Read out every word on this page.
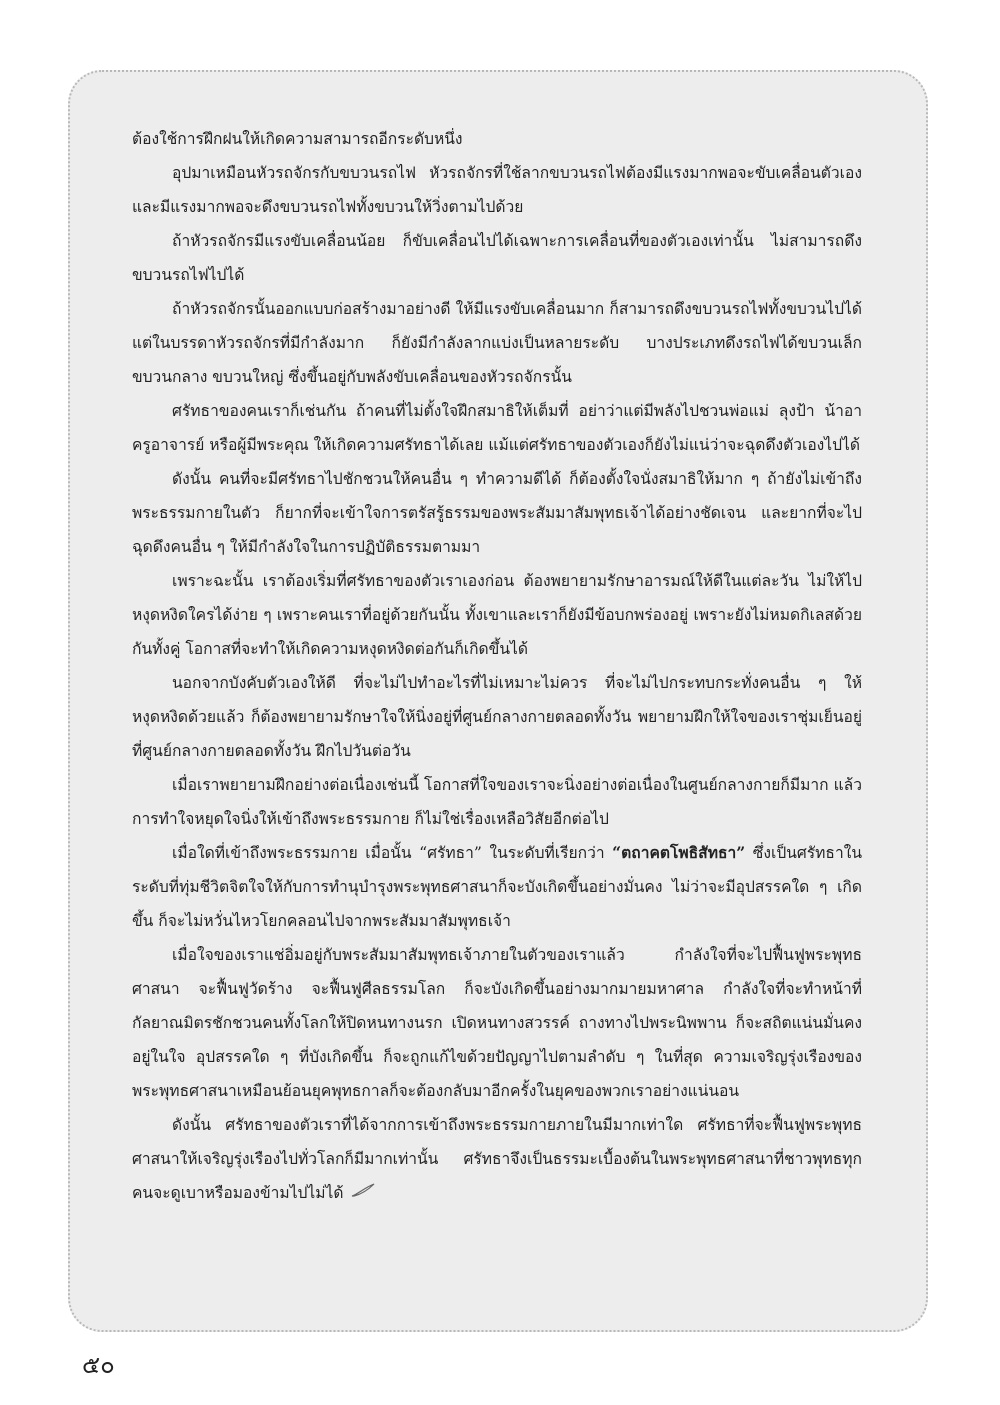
ต้องใช้การฝึกฝนให้เกิดความสามารถอีกระดับหนึ่ง

อุปมาเหมือนหัวรถจักรกับขบวนรถไฟ หัวรถจักรที่ใช้ลากขบวนรถไฟต้องมีแรงมากพอจะขับเคลื่อนตัวเอง และมีแรงมากพอจะดึงขบวนรถไฟทั้งขบวนให้วิ่งตามไปด้วย

ถ้าหัวรถจักรมีแรงขับเคลื่อนน้อย ก็ขับเคลื่อนไปได้เฉพาะการเคลื่อนที่ของตัวเองเท่านั้น ไม่สามารถดึงขบวนรถไฟไปได้

ถ้าหัวรถจักรนั้นออกแบบก่อสร้างมาอย่างดี ให้มีแรงขับเคลื่อนมาก ก็สามารถดึงขบวนรถไฟทั้งขบวนไปได้ แต่ในบรรดาหัวรถจักรที่มีกำลังมาก ก็ยังมีกำลังลากแบ่งเป็นหลายระดับ บางประเภทดึงรถไฟได้ขบวนเล็ก ขบวนกลาง ขบวนใหญ่ ซึ่งขึ้นอยู่กับพลังขับเคลื่อนของหัวรถจักรนั้น

ศรัทธาของคนเราก็เช่นกัน ถ้าคนที่ไม่ตั้งใจฝึกสมาธิให้เต็มที่ อย่าว่าแต่มีพลังไปชวนพ่อแม่ ลุงป้า น้าอา ครูอาจารย์ หรือผู้มีพระคุณ ให้เกิดความศรัทธาได้เลย แม้แต่ศรัทธาของตัวเองก็ยังไม่แน่ว่าจะฉุดดึงตัวเองไปได้

ดังนั้น คนที่จะมีศรัทธาไปชักชวนให้คนอื่น ๆ ทำความดีได้ ก็ต้องตั้งใจนั่งสมาธิให้มาก ๆ ถ้ายังไม่เข้าถึงพระธรรมกายในตัว ก็ยากที่จะเข้าใจการตรัสรู้ธรรมของพระสัมมาสัมพุทธเจ้าได้อย่างชัดเจน และยากที่จะไปฉุดดึงคนอื่น ๆ ให้มีกำลังใจในการปฏิบัติธรรมตามมา

เพราะฉะนั้น เราต้องเริ่มที่ศรัทธาของตัวเราเองก่อน ต้องพยายามรักษาอารมณ์ให้ดีในแต่ละวัน ไม่ให้ไปหงุดหงิดใครได้ง่าย ๆ เพราะคนเราที่อยู่ด้วยกันนั้น ทั้งเขาและเราก็ยังมีข้อบกพร่องอยู่ เพราะยังไม่หมดกิเลสด้วยกันทั้งคู่ โอกาสที่จะทำให้เกิดความหงุดหงิดต่อกันก็เกิดขึ้นได้

นอกจากบังคับตัวเองให้ดี ที่จะไม่ไปทำอะไรที่ไม่เหมาะไม่ควร ที่จะไม่ไปกระทบกระทั่งคนอื่น ๆ ให้หงุดหงิดด้วยแล้ว ก็ต้องพยายามรักษาใจให้นิ่งอยู่ที่ศูนย์กลางกายตลอดทั้งวัน พยายามฝึกให้ใจของเราชุ่มเย็นอยู่ที่ศูนย์กลางกายตลอดทั้งวัน ฝึกไปวันต่อวัน

เมื่อเราพยายามฝึกอย่างต่อเนื่องเช่นนี้ โอกาสที่ใจของเราจะนิ่งอย่างต่อเนื่องในศูนย์กลางกายก็มีมาก แล้วการทำใจหยุดใจนิ่งให้เข้าถึงพระธรรมกาย ก็ไม่ใช่เรื่องเหลือวิสัยอีกต่อไป

เมื่อใดที่เข้าถึงพระธรรมกาย เมื่อนั้น “ศรัทธา” ในระดับที่เรียกว่า “ตถาคตโพธิสัทธา” ซึ่งเป็นศรัทธาในระดับที่ทุ่มชีวิตจิตใจให้กับการทำนุบำรุงพระพุทธศาสนาก็จะบังเกิดขึ้นอย่างมั่นคง ไม่ว่าจะมีอุปสรรคใด ๆ เกิดขึ้น ก็จะไม่หวั่นไหวโยกคลอนไปจากพระสัมมาสัมพุทธเจ้า

เมื่อใจของเราแช่อิ่มอยู่กับพระสัมมาสัมพุทธเจ้าภายในตัวของเราแล้ว กำลังใจที่จะไปฟื้นฟูพระพุทธศาสนา จะฟื้นฟูวัดร้าง จะฟื้นฟูศีลธรรมโลก ก็จะบังเกิดขึ้นอย่างมากมายมหาศาล กำลังใจที่จะทำหน้าที่กัลยาณมิตรชักชวนคนทั้งโลกให้ปิดหนทางนรก เปิดหนทางสวรรค์ ถางทางไปพระนิพพาน ก็จะสถิตแน่นมั่นคงอยู่ในใจ อุปสรรคใด ๆ ที่บังเกิดขึ้น ก็จะถูกแก้ไขด้วยปัญญาไปตามลำดับ ๆ ในที่สุด ความเจริญรุ่งเรืองของพระพุทธศาสนาเหมือนย้อนยุคพุทธกาลก็จะต้องกลับมาอีกครั้งในยุคของพวกเราอย่างแน่นอน

ดังนั้น ศรัทธาของตัวเราที่ได้จากการเข้าถึงพระธรรมกายภายในมีมากเท่าใด ศรัทธาที่จะฟื้นฟูพระพุทธศาสนาให้เจริญรุ่งเรืองไปทั่วโลกก็มีมากเท่านั้น ศรัทธาจึงเป็นธรรมะเบื้องต้นในพระพุทธศาสนาที่ชาวพุทธทุกคนจะดูเบาหรือมองข้ามไปไม่ได้

๕๐
